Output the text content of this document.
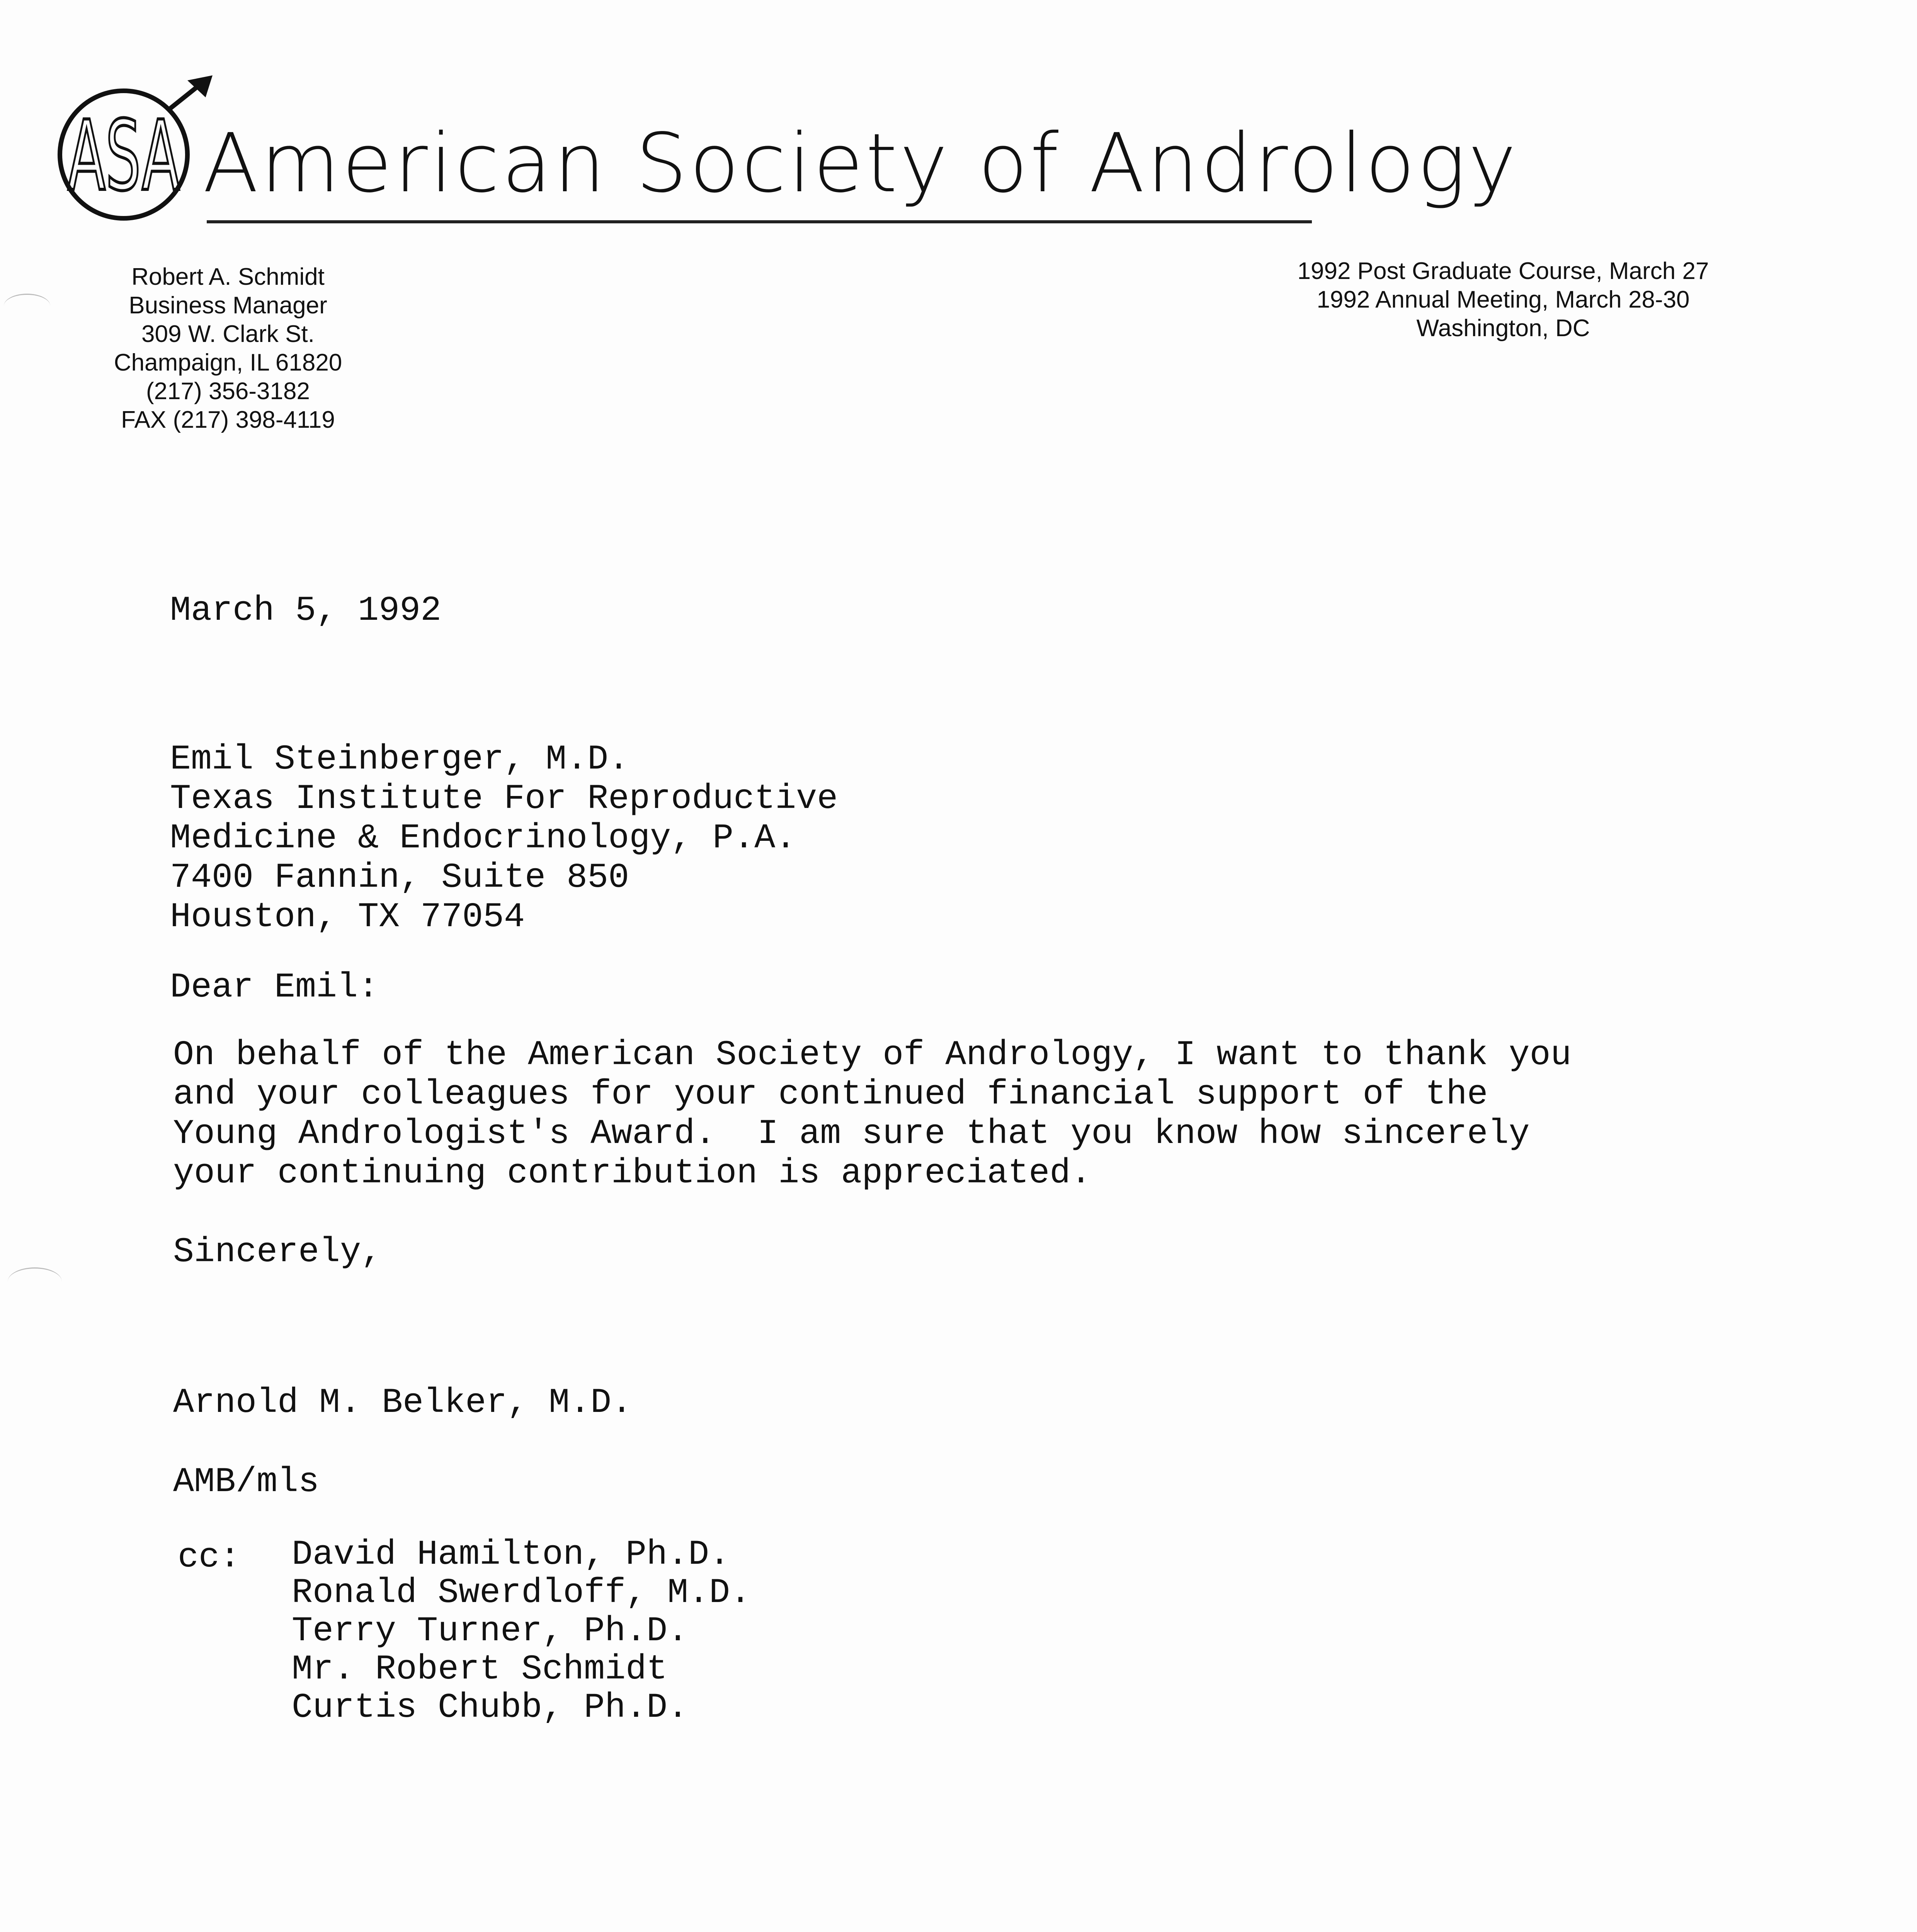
ASA American Society of Andrology
Robert A. Schmidt
Business Manager
309 W. Clark St.
Champaign, IL 61820
(217) 356-3182
FAX (217) 398-4119
1992 Post Graduate Course, March 27
1992 Annual Meeting, March 28-30
Washington, DC
March 5, 1992
Emil Steinberger, M.D.
Texas Institute For Reproductive
Medicine & Endocrinology, P.A.
7400 Fannin, Suite 850
Houston, TX 77054
Dear Emil:
On behalf of the American Society of Andrology, I want to thank you
and your colleagues for your continued financial support of the
Young Andrologist's Award.  I am sure that you know how sincerely
your continuing contribution is appreciated.
Sincerely,
Arnold M. Belker, M.D.
AMB/mls
cc: David Hamilton, Ph.D.
Ronald Swerdloff, M.D.
Terry Turner, Ph.D.
Mr. Robert Schmidt
Curtis Chubb, Ph.D.
